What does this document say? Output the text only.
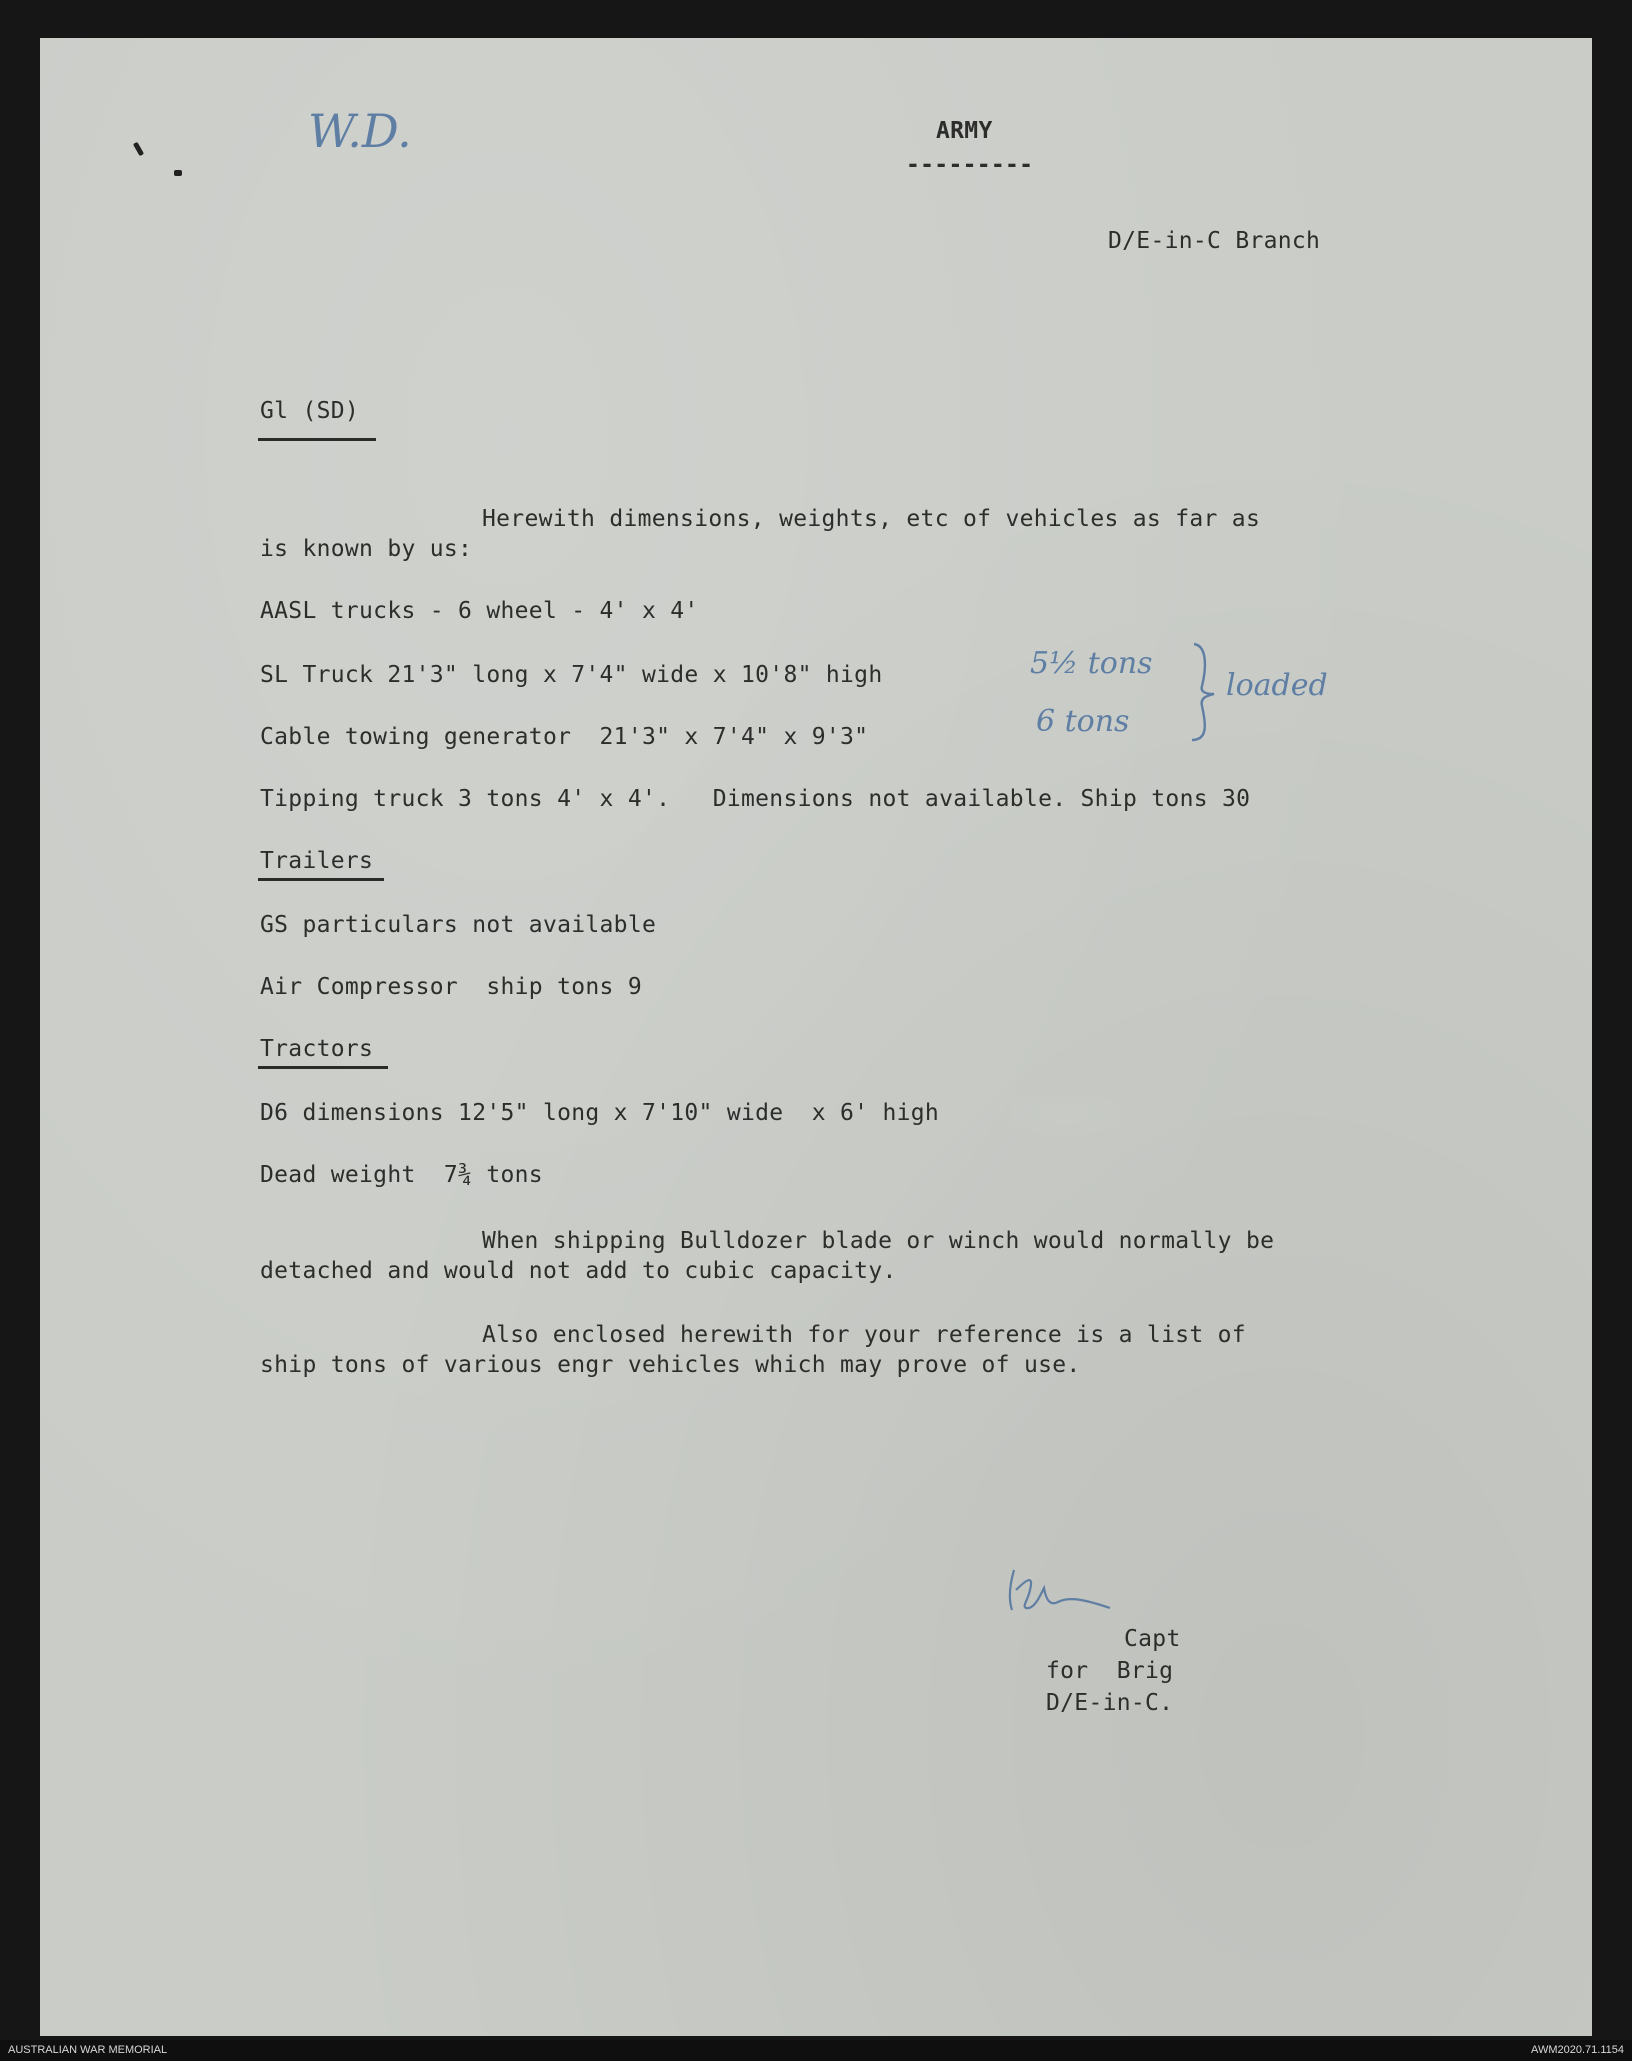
W.D.	ARMY
---------
D/E-in-C Branch
Gl (SD)
Herewith dimensions, weights, etc of vehicles as far as
is known by us:
AASL trucks - 6 wheel - 4' x 4'
SL Truck 21'3" long x 7'4" wide x 10'8" high
Cable towing generator  21'3" x 7'4" x 9'3"
Tipping truck 3 tons 4' x 4'.   Dimensions not available. Ship tons 30
5½ tons
6 tons
loaded
Trailers
GS particulars not available
Air Compressor  ship tons 9
Tractors
D6 dimensions 12'5" long x 7'10" wide  x 6' high
Dead weight  7¾ tons
When shipping Bulldozer blade or winch would normally be
detached and would not add to cubic capacity.
Also enclosed herewith for your reference is a list of
ship tons of various engr vehicles which may prove of use.
Capt
for  Brig
D/E-in-C.
AUSTRALIAN WAR MEMORIAL	AWM2020.71.1154
